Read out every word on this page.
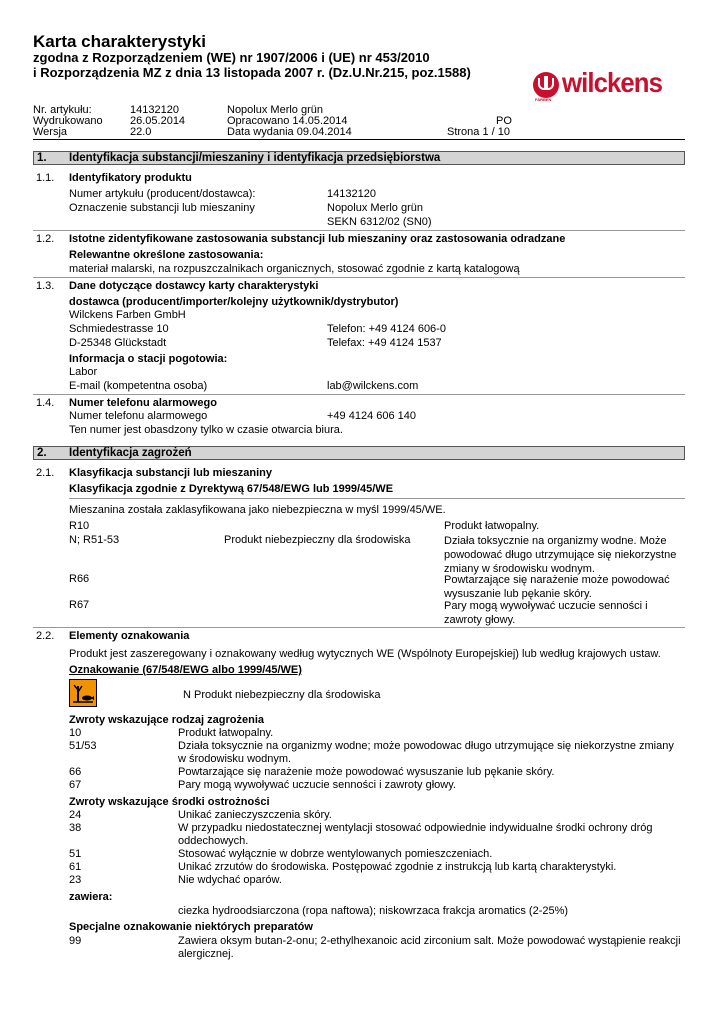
Karta charakterystyki
zgodna z Rozporządzeniem (WE) nr 1907/2006 i (UE) nr 453/2010
i Rozporządzenia MZ z dnia 13 listopada 2007 r. (Dz.U.Nr.215, poz.1588)
FARBEN
wilckens
Nr. artykułu:	14132120	Nopolux Merlo grün
Wydrukowano 26.05.2014	Opracowano 14.05.2014	PO
Wersja	22.0	Data wydania 09.04.2014	Strona 1 / 10
1. Identyfikacja substancji/mieszaniny i identyfikacja przedsiębiorstwa
1.1. Identyfikatory produktu
Numer artykułu (producent/dostawca):	14132120
Oznaczenie substancji lub mieszaniny	Nopolux Merlo grün
SEKN 6312/02 (SN0)
1.2. Istotne zidentyfikowane zastosowania substancji lub mieszaniny oraz zastosowania odradzane
Relewantne określone zastosowania:
materiał malarski, na rozpuszczalnikach organicznych, stosować zgodnie z kartą katalogową
1.3. Dane dotyczące dostawcy karty charakterystyki
dostawca (producent/importer/kolejny użytkownik/dystrybutor)
Wilckens Farben GmbH
Schmiedestrasse 10	Telefon: +49 4124 606-0
D-25348 Glückstadt	Telefax: +49 4124 1537
Informacja o stacji pogotowia:
Labor
E-mail (kompetentna osoba)	lab@wilckens.com
1.4. Numer telefonu alarmowego
Numer telefonu alarmowego	+49 4124 606 140
Ten numer jest obasdzony tylko w czasie otwarcia biura.
2. Identyfikacja zagrożeń
2.1. Klasyfikacja substancji lub mieszaniny
Klasyfikacja zgodnie z Dyrektywą 67/548/EWG lub 1999/45/WE
Mieszanina została zaklasyfikowana jako niebezpieczna w myśl 1999/45/WE.
R10	Produkt łatwopalny.
N; R51-53	Produkt niebezpieczny dla środowiska	Działa toksycznie na organizmy wodne. Może powodować długo utrzymujące się niekorzystne zmiany w środowisku wodnym.
R66	Powtarzające się narażenie może powodować wysuszanie lub pękanie skóry.
R67	Pary mogą wywoływać uczucie senności i zawroty głowy.
2.2. Elementy oznakowania
Produkt jest zaszeregowany i oznakowany według wytycznych WE (Wspólnoty Europejskiej) lub według krajowych ustaw.
Oznakowanie (67/548/EWG albo 1999/45/WE)
N Produkt niebezpieczny dla środowiska
Zwroty wskazujące rodzaj zagrożenia
10	Produkt łatwopalny.
51/53	Działa toksycznie na organizmy wodne; może powodowac długo utrzymujące się niekorzystne zmiany w środowisku wodnym.
66	Powtarzające się narażenie może powodować wysuszanie lub pękanie skóry.
67	Pary mogą wywoływać uczucie senności i zawroty głowy.
Zwroty wskazujące środki ostrożności
24	Unikać zanieczyszczenia skóry.
38	W przypadku niedostatecznej wentylacji stosować odpowiednie indywidualne środki ochrony dróg oddechowych.
51	Stosować wyłącznie w dobrze wentylowanych pomieszczeniach.
61	Unikać zrzutów do środowiska. Postępować zgodnie z instrukcją lub kartą charakterystyki.
23	Nie wdychać oparów.
zawiera:
ciezka hydroodsiarczona (ropa naftowa); niskowrzaca frakcja aromatics (2-25%)
Specjalne oznakowanie niektórych preparatów
99	Zawiera oksym butan-2-onu; 2-ethylhexanoic acid zirconium salt. Może powodować wystąpienie reakcji alergicznej.
